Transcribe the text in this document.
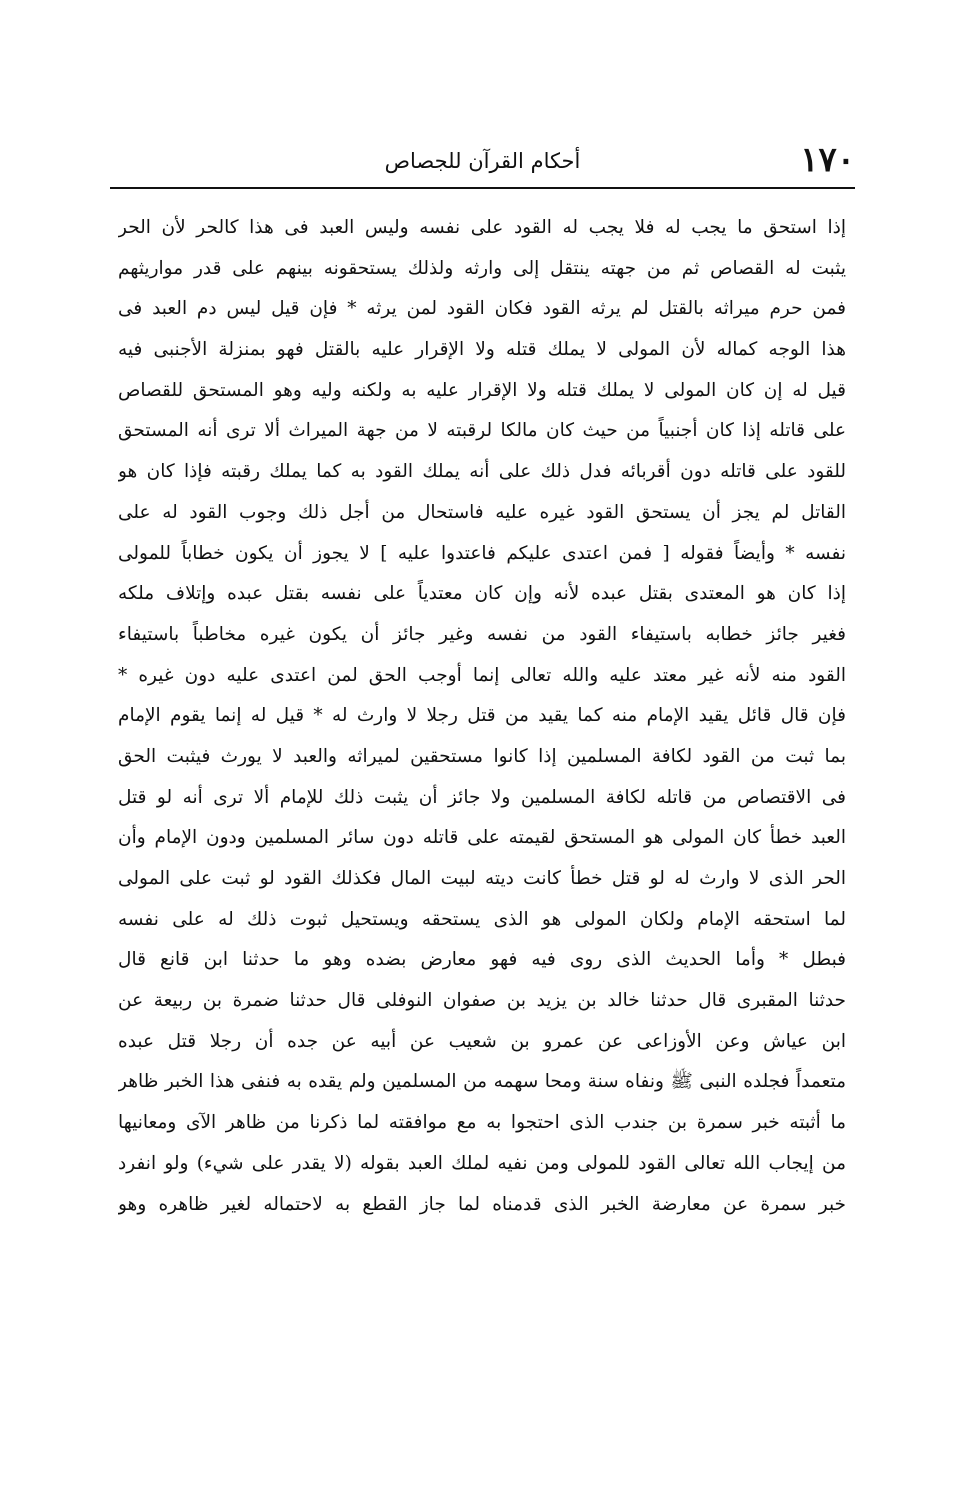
١٧٠
أحكام القرآن للجصاص
إذا استحق ما يجب له فلا يجب له القود على نفسه وليس العبد فى هذا كالحر لأن الحر
يثبت له القصاص ثم من جهته ينتقل إلى وارثه ولذلك يستحقونه بينهم على قدر مواريثهم
فمن حرم ميراثه بالقتل لم يرثه القود فكان القود لمن يرثه * فإن قيل ليس دم العبد فى
هذا الوجه كماله لأن المولى لا يملك قتله ولا الإقرار عليه بالقتل فهو بمنزلة الأجنبى فيه
قيل له إن كان المولى لا يملك قتله ولا الإقرار عليه به ولكنه وليه وهو المستحق للقصاص
على قاتله إذا كان أجنبياً من حيث كان مالكا لرقبته لا من جهة الميراث ألا ترى أنه المستحق
للقود على قاتله دون أقربائه فدل ذلك على أنه يملك القود به كما يملك رقبته فإذا كان هو
القاتل لم يجز أن يستحق القود غيره عليه فاستحال من أجل ذلك وجوب القود له على
نفسه * وأيضاً فقوله [ فمن اعتدى عليكم فاعتدوا عليه ] لا يجوز أن يكون خطاباً للمولى
إذا كان هو المعتدى بقتل عبده لأنه وإن كان معتدياً على نفسه بقتل عبده وإتلاف ملكه
فغير جائز خطابه باستيفاء القود من نفسه وغير جائز أن يكون غيره مخاطباً باستيفاء
القود منه لأنه غير معتد عليه والله تعالى إنما أوجب الحق لمن اعتدى عليه دون غيره *
فإن قال قائل يقيد الإمام منه كما يقيد من قتل رجلا لا وارث له * قيل له إنما يقوم الإمام
بما ثبت من القود لكافة المسلمين إذا كانوا مستحقين لميراثه والعبد لا يورث فيثبت الحق
فى الاقتصاص من قاتله لكافة المسلمين ولا جائز أن يثبت ذلك للإمام ألا ترى أنه لو قتل
العبد خطأ كان المولى هو المستحق لقيمته على قاتله دون سائر المسلمين ودون الإمام وأن
الحر الذى لا وارث له لو قتل خطأ كانت ديته لبيت المال فكذلك القود لو ثبت على المولى
لما استحقه الإمام ولكان المولى هو الذى يستحقه ويستحيل ثبوت ذلك له على نفسه
فبطل * وأما الحديث الذى روى فيه فهو معارض بضده وهو ما حدثنا ابن قانع قال
حدثنا المقبرى قال حدثنا خالد بن يزيد بن صفوان النوفلى قال حدثنا ضمرة بن ربيعة عن
ابن عياش وعن الأوزاعى عن عمرو بن شعيب عن أبيه عن جده أن رجلا قتل عبده
متعمداً فجلده النبى ﷺ ونفاه سنة ومحا سهمه من المسلمين ولم يقده به فنفى هذا الخبر ظاهر
ما أثبته خبر سمرة بن جندب الذى احتجوا به مع موافقته لما ذكرنا من ظاهر الآى ومعانيها
من إيجاب الله تعالى القود للمولى ومن نفيه لملك العبد بقوله (لا يقدر على شيء) ولو انفرد
خبر سمرة عن معارضة الخبر الذى قدمناه لما جاز القطع به لاحتماله لغير ظاهره وهو
